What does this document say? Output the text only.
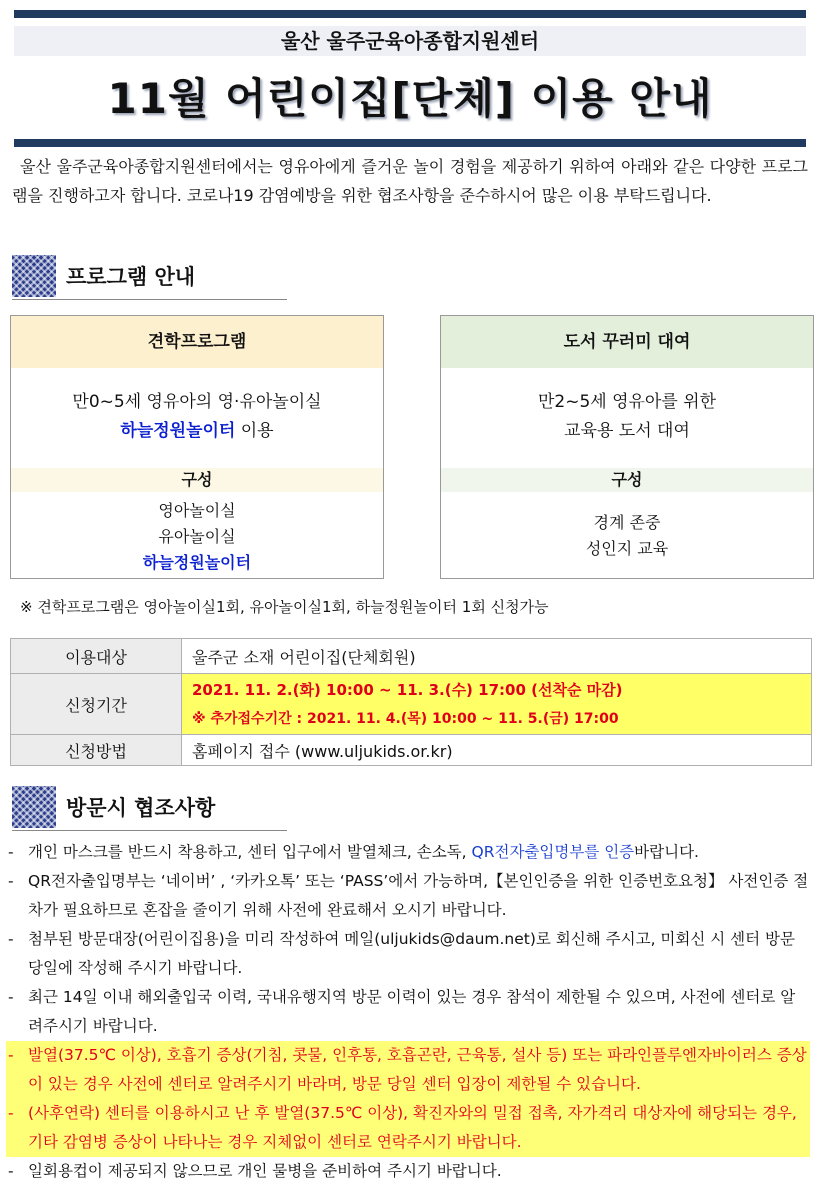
울산 울주군육아종합지원센터
11월 어린이집[단체] 이용 안내
울산 울주군육아종합지원센터에서는 영유아에게 즐거운 놀이 경험을 제공하기 위하여 아래와 같은 다양한 프로그램을 진행하고자 합니다. 코로나19 감염예방을 위한 협조사항을 준수하시어 많은 이용 부탁드립니다.
프로그램 안내
견학프로그램
만0~5세 영유아의 영·유아놀이실
하늘정원놀이터 이용
구성
영아놀이실
유아놀이실
하늘정원놀이터
도서 꾸러미 대여
만2~5세 영유아를 위한
교육용 도서 대여
구성
경계 존중
성인지 교육
※ 견학프로그램은 영아놀이실1회, 유아놀이실1회, 하늘정원놀이터 1회 신청가능
이용대상	울주군 소재 어린이집(단체회원)
신청기간	2021. 11. 2.(화) 10:00 ~ 11. 3.(수) 17:00 (선착순 마감)
※ 추가접수기간 : 2021. 11. 4.(목) 10:00 ~ 11. 5.(금) 17:00

신청방법	홈페이지 접수 (www.uljukids.or.kr)
방문시 협조사항
- 개인 마스크를 반드시 착용하고, 센터 입구에서 발열체크, 손소독, QR전자출입명부를 인증바랍니다.
- QR전자출입명부는 ‘네이버’ , ‘카카오톡’ 또는 ‘PASS’에서 가능하며,【본인인증을 위한 인증번호요청】 사전인증 절차가 필요하므로 혼잡을 줄이기 위해 사전에 완료해서 오시기 바랍니다.
- 첨부된 방문대장(어린이집용)을 미리 작성하여 메일(uljukids@daum.net)로 회신해 주시고, 미회신 시 센터 방문 당일에 작성해 주시기 바랍니다.
- 최근 14일 이내 해외출입국 이력, 국내유행지역 방문 이력이 있는 경우 참석이 제한될 수 있으며, 사전에 센터로 알려주시기 바랍니다.
- 발열(37.5℃ 이상), 호흡기 증상(기침, 콧물, 인후통, 호흡곤란, 근육통, 설사 등) 또는 파라인플루엔자바이러스 증상이 있는 경우 사전에 센터로 알려주시기 바라며, 방문 당일 센터 입장이 제한될 수 있습니다.
- (사후연락) 센터를 이용하시고 난 후 발열(37.5℃ 이상), 확진자와의 밀접 접촉, 자가격리 대상자에 해당되는 경우, 기타 감염병 증상이 나타나는 경우 지체없이 센터로 연락주시기 바랍니다.
- 일회용컵이 제공되지 않으므로 개인 물병을 준비하여 주시기 바랍니다.
